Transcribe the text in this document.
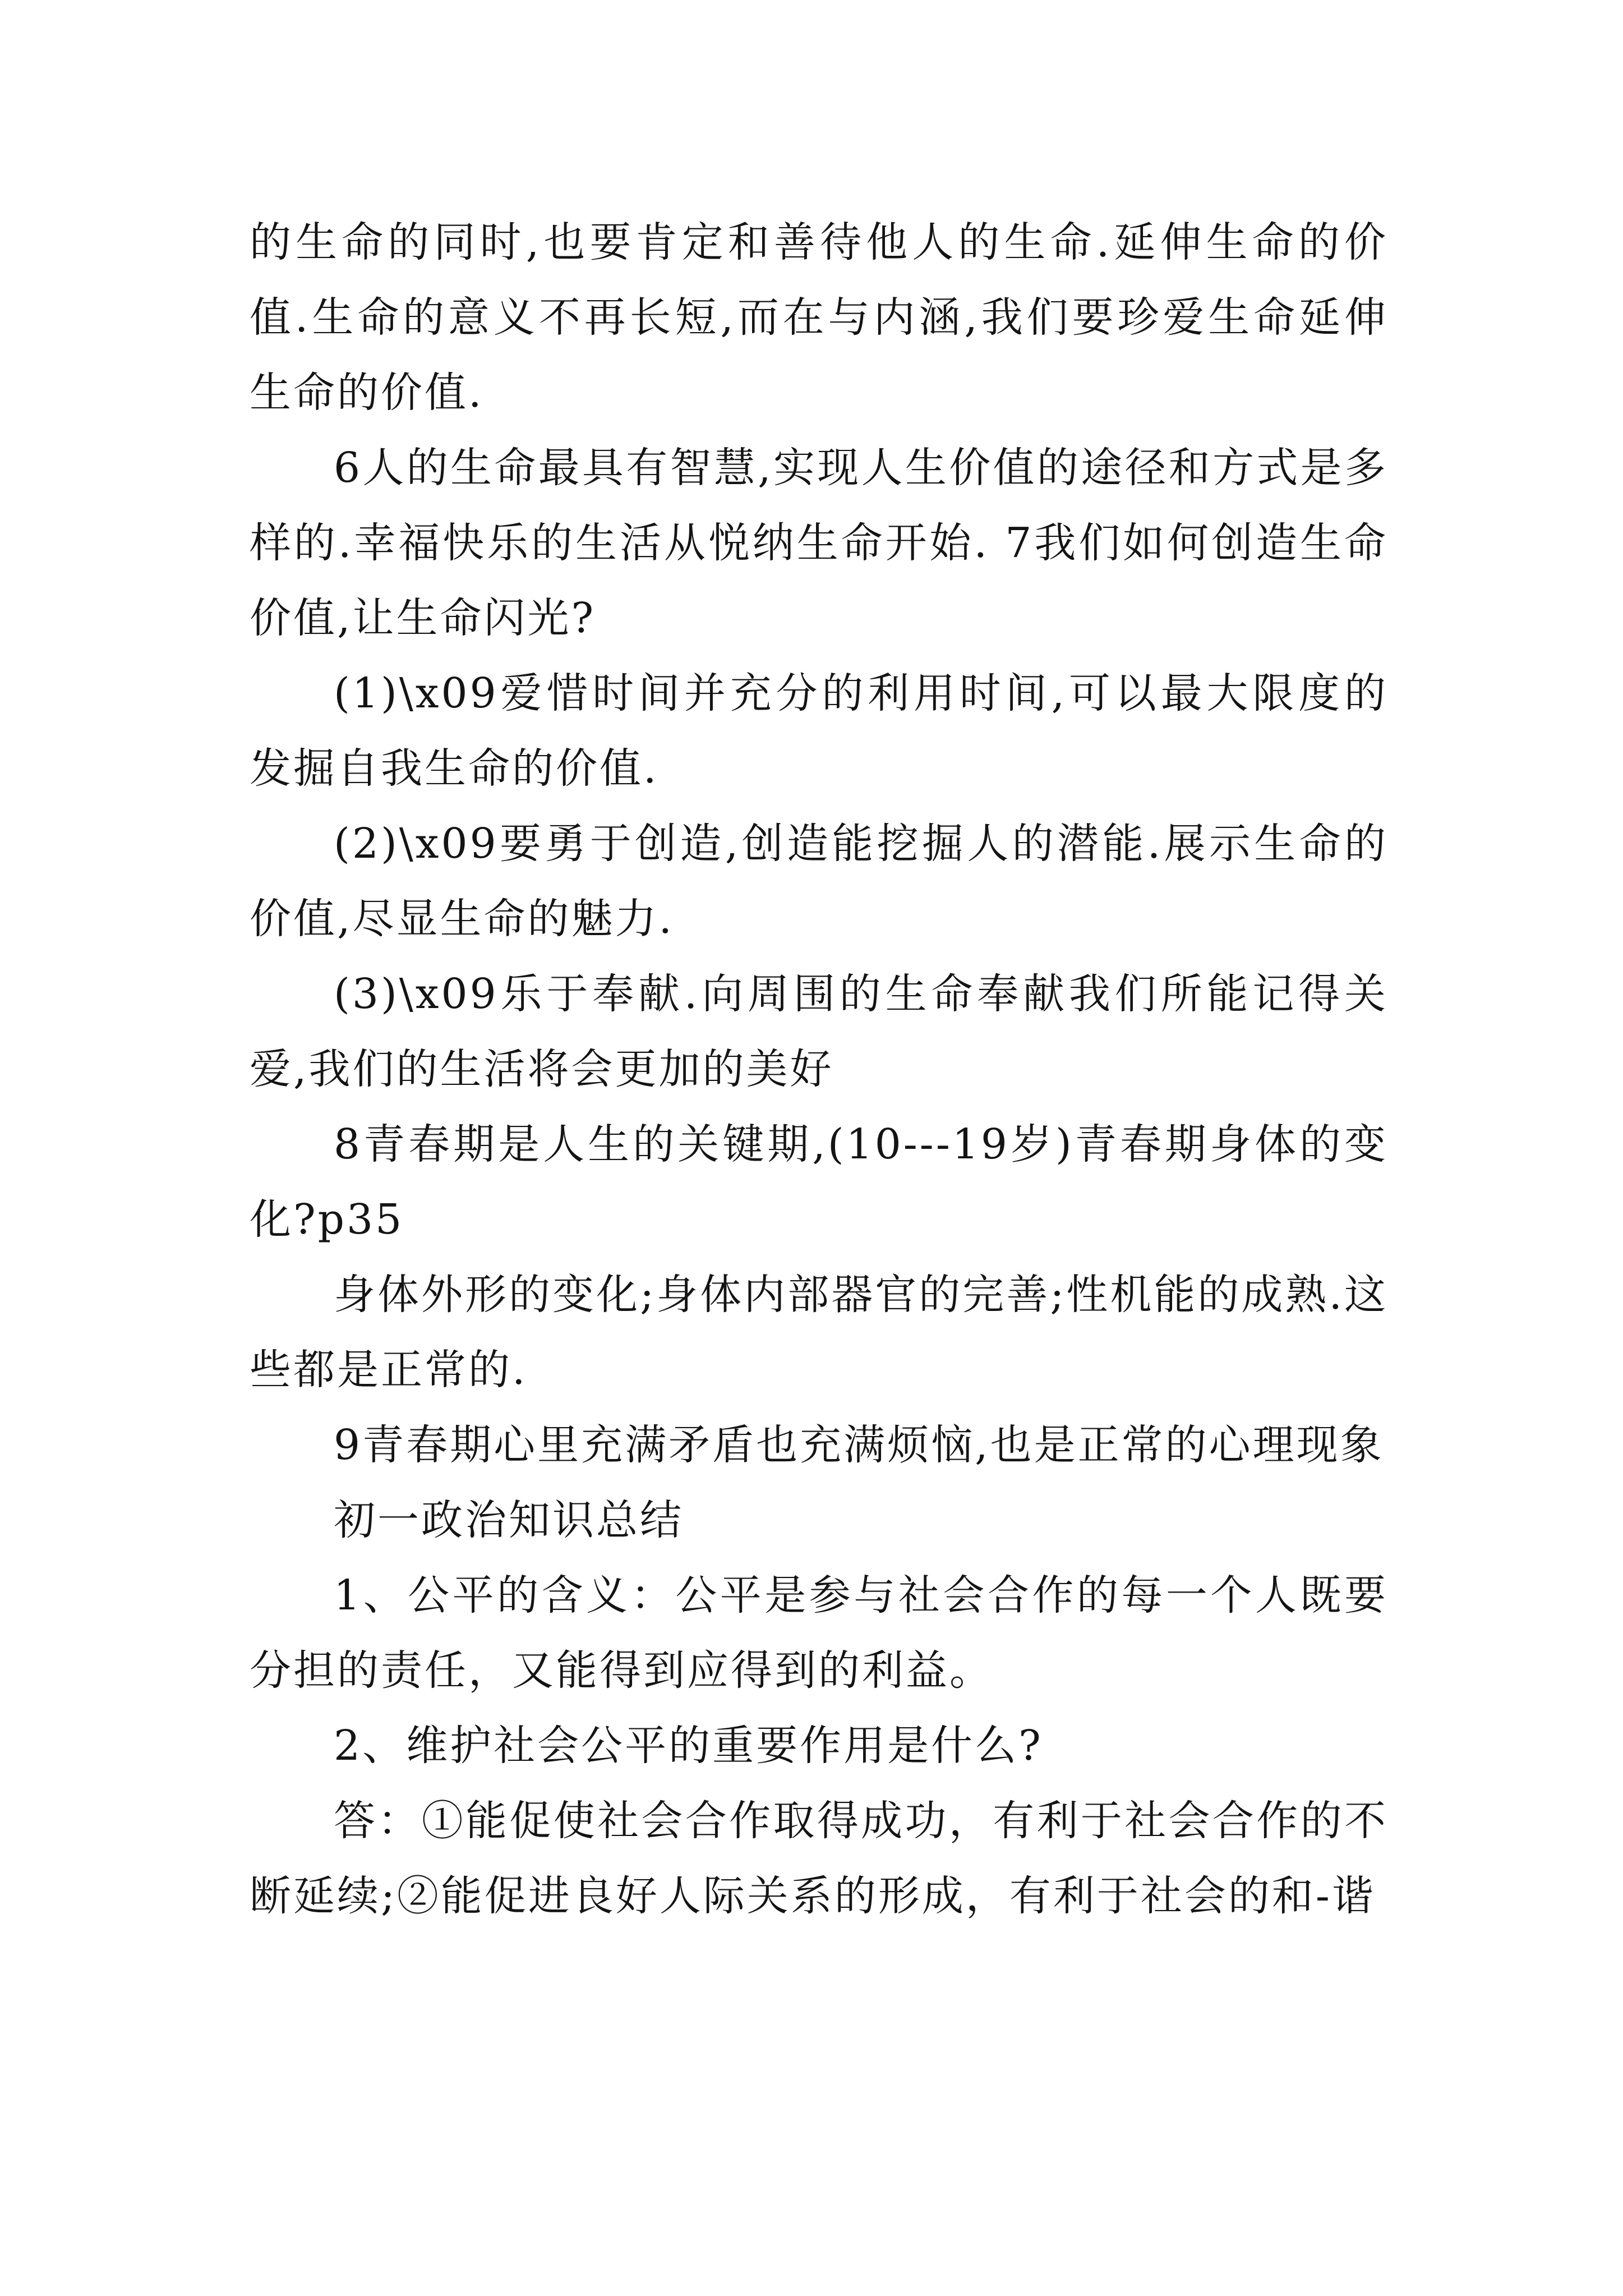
的生命的同时,也要肯定和善待他人的生命.延伸生命的价值.生命的意义不再长短,而在与内涵,我们要珍爱生命延伸生命的价值.

6人的生命最具有智慧,实现人生价值的途径和方式是多样的.幸福快乐的生活从悦纳生命开始. 7我们如何创造生命价值,让生命闪光?

(1)\x09爱惜时间并充分的利用时间,可以最大限度的发掘自我生命的价值.

(2)\x09要勇于创造,创造能挖掘人的潜能.展示生命的价值,尽显生命的魅力.

(3)\x09乐于奉献.向周围的生命奉献我们所能记得关爱,我们的生活将会更加的美好

8青春期是人生的关键期,(10---19岁)青春期身体的变化?p35

身体外形的变化;身体内部器官的完善;性机能的成熟.这些都是正常的.

9青春期心里充满矛盾也充满烦恼,也是正常的心理现象

初一政治知识总结

1、公平的含义：公平是参与社会合作的每一个人既要分担的责任，又能得到应得到的利益。

2、维护社会公平的重要作用是什么?

答：①能促使社会合作取得成功，有利于社会合作的不断延续;②能促进良好人际关系的形成，有利于社会的和-谐
